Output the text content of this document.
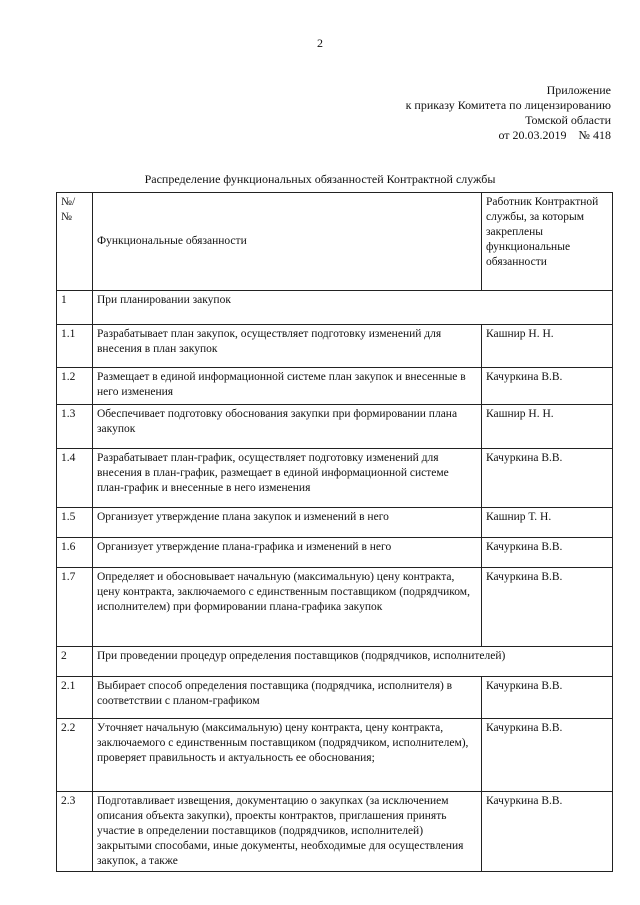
2
Приложение
к приказу Комитета по лицензированию
Томской области
от 20.03.2019    № 418
Распределение функциональных обязанностей Контрактной службы
№/ №	Функциональные обязанности	Работник Контрактной службы, за которым закреплены функциональные обязанности
1	При планировании закупок	
1.1	Разрабатывает план закупок, осуществляет подготовку изменений для внесения в план закупок	Кашнир Н. Н.
1.2	Размещает в единой информационной системе план закупок и внесенные в него изменения	Качуркина В.В.
1.3	Обеспечивает подготовку обоснования закупки при формировании плана закупок	Кашнир Н. Н.
1.4	Разрабатывает план-график, осуществляет подготовку изменений для внесения в план-график, размещает в единой информационной системе план-график и внесенные в него изменения	Качуркина В.В.
1.5	Организует утверждение плана закупок и изменений в него	Кашнир Т. Н.
1.6	Организует утверждение плана-графика и изменений в него	Качуркина В.В.
1.7	Определяет и обосновывает начальную (максимальную) цену контракта, цену контракта, заключаемого с единственным поставщиком (подрядчиком, исполнителем) при формировании плана-графика закупок	Качуркина В.В.
2	При проведении процедур определения поставщиков (подрядчиков, исполнителей)	
2.1	Выбирает способ определения поставщика (подрядчика, исполнителя) в соответствии с планом-графиком	Качуркина В.В.
2.2	Уточняет начальную (максимальную) цену контракта, цену контракта, заключаемого с единственным поставщиком (подрядчиком, исполнителем), проверяет правильность и актуальность ее обоснования;	Качуркина В.В.
2.3	Подготавливает извещения, документацию о закупках (за исключением описания объекта закупки), проекты контрактов, приглашения принять участие в определении поставщиков (подрядчиков, исполнителей) закрытыми способами, иные документы, необходимые для осуществления закупок, а также	Качуркина В.В.
